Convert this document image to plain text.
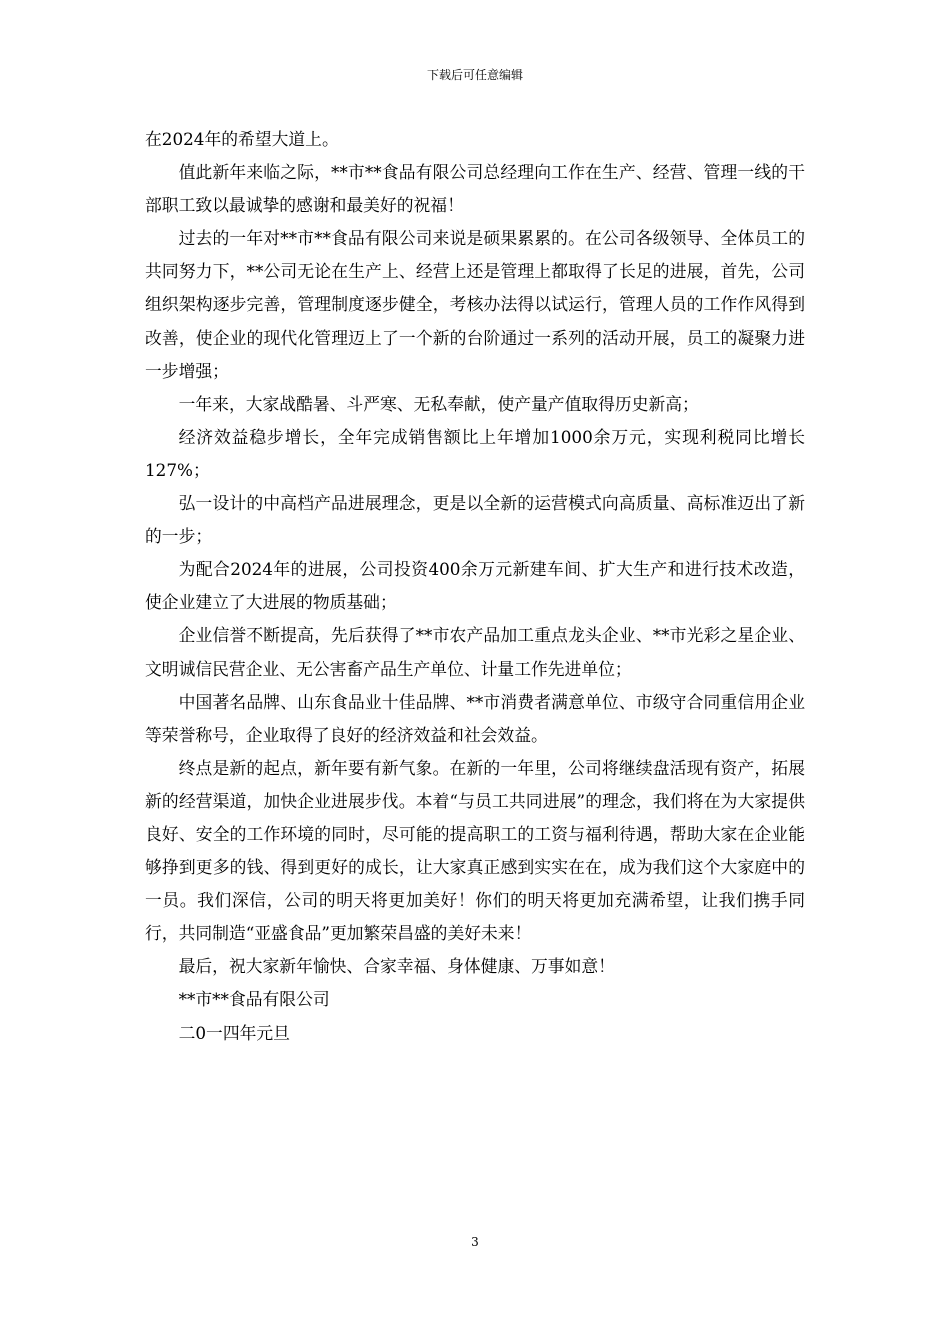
下载后可任意编辑

在2024年的希望大道上。

值此新年来临之际，**市**食品有限公司总经理向工作在生产、经营、管理一线的干部职工致以最诚挚的感谢和最美好的祝福！

过去的一年对**市**食品有限公司来说是硕果累累的。在公司各级领导、全体员工的共同努力下，**公司无论在生产上、经营上还是管理上都取得了长足的进展，首先，公司组织架构逐步完善，管理制度逐步健全，考核办法得以试运行，管理人员的工作作风得到改善，使企业的现代化管理迈上了一个新的台阶通过一系列的活动开展，员工的凝聚力进一步增强；

一年来，大家战酷暑、斗严寒、无私奉献，使产量产值取得历史新高；

经济效益稳步增长，全年完成销售额比上年增加1000余万元，实现利税同比增长127%；

弘一设计的中高档产品进展理念，更是以全新的运营模式向高质量、高标准迈出了新的一步；

为配合2024年的进展，公司投资400余万元新建车间、扩大生产和进行技术改造，使企业建立了大进展的物质基础；

企业信誉不断提高，先后获得了**市农产品加工重点龙头企业、**市光彩之星企业、文明诚信民营企业、无公害畜产品生产单位、计量工作先进单位；

中国著名品牌、山东食品业十佳品牌、**市消费者满意单位、市级守合同重信用企业等荣誉称号，企业取得了良好的经济效益和社会效益。

终点是新的起点，新年要有新气象。在新的一年里，公司将继续盘活现有资产，拓展新的经营渠道，加快企业进展步伐。本着“与员工共同进展”的理念，我们将在为大家提供良好、安全的工作环境的同时，尽可能的提高职工的工资与福利待遇，帮助大家在企业能够挣到更多的钱、得到更好的成长，让大家真正感到实实在在，成为我们这个大家庭中的一员。我们深信，公司的明天将更加美好！你们的明天将更加充满希望，让我们携手同行，共同制造“亚盛食品”更加繁荣昌盛的美好未来！

最后，祝大家新年愉快、合家幸福、身体健康、万事如意！

**市**食品有限公司

二0一四年元旦

3
